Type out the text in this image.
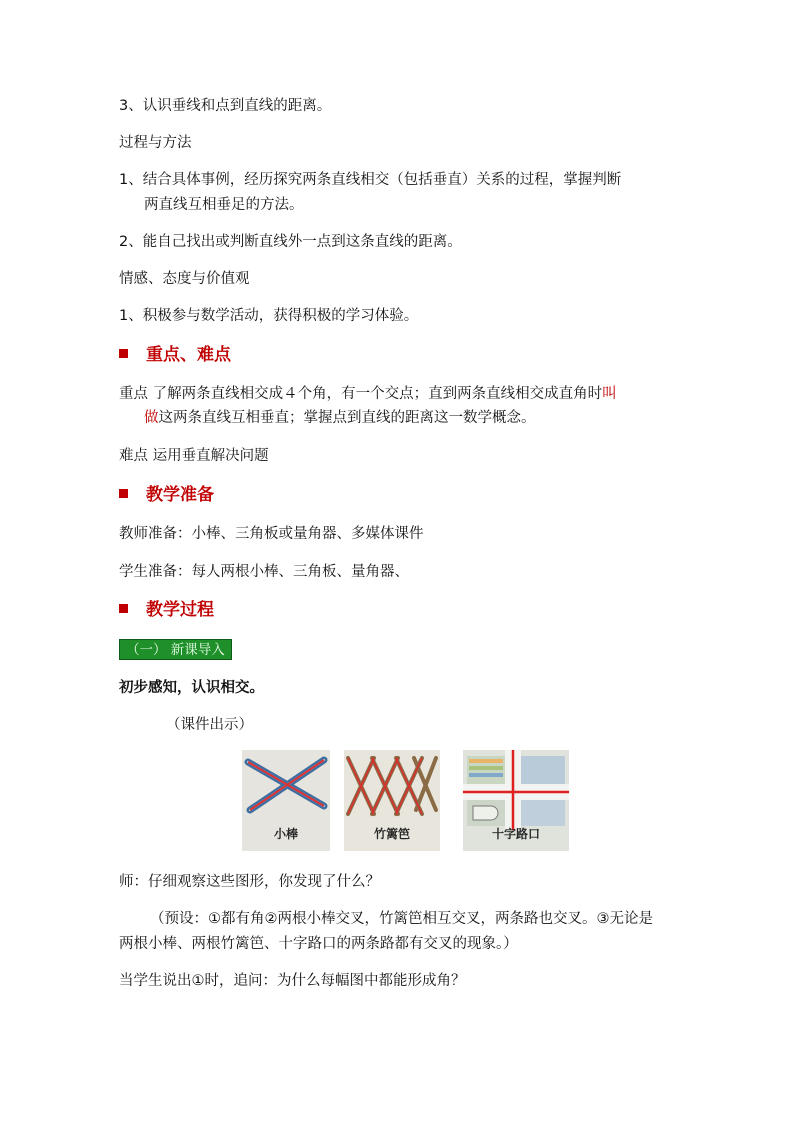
3、认识垂线和点到直线的距离。
过程与方法
1、结合具体事例，经历探究两条直线相交（包括垂直）关系的过程，掌握判断
两直线互相垂足的方法。
2、能自己找出或判断直线外一点到这条直线的距离。
情感、态度与价值观
1、积极参与数学活动，获得积极的学习体验。
重点、难点
重点 了解两条直线相交成４个角，有一个交点；直到两条直线相交成直角时叫
做这两条直线互相垂直；掌握点到直线的距离这一数学概念。
难点 运用垂直解决问题
教学准备
教师准备：小棒、三角板或量角器、多媒体课件
学生准备：每人两根小棒、三角板、量角器、
教学过程
（一） 新课导入
初步感知，认识相交。
（课件出示）
小棒	竹篱笆	十字路口
师：仔细观察这些图形，你发现了什么？
（预设：①都有角②两根小棒交叉，竹篱笆相互交叉，两条路也交叉。③无论是
两根小棒、两根竹篱笆、十字路口的两条路都有交叉的现象。）
当学生说出①时，追问：为什么每幅图中都能形成角？
